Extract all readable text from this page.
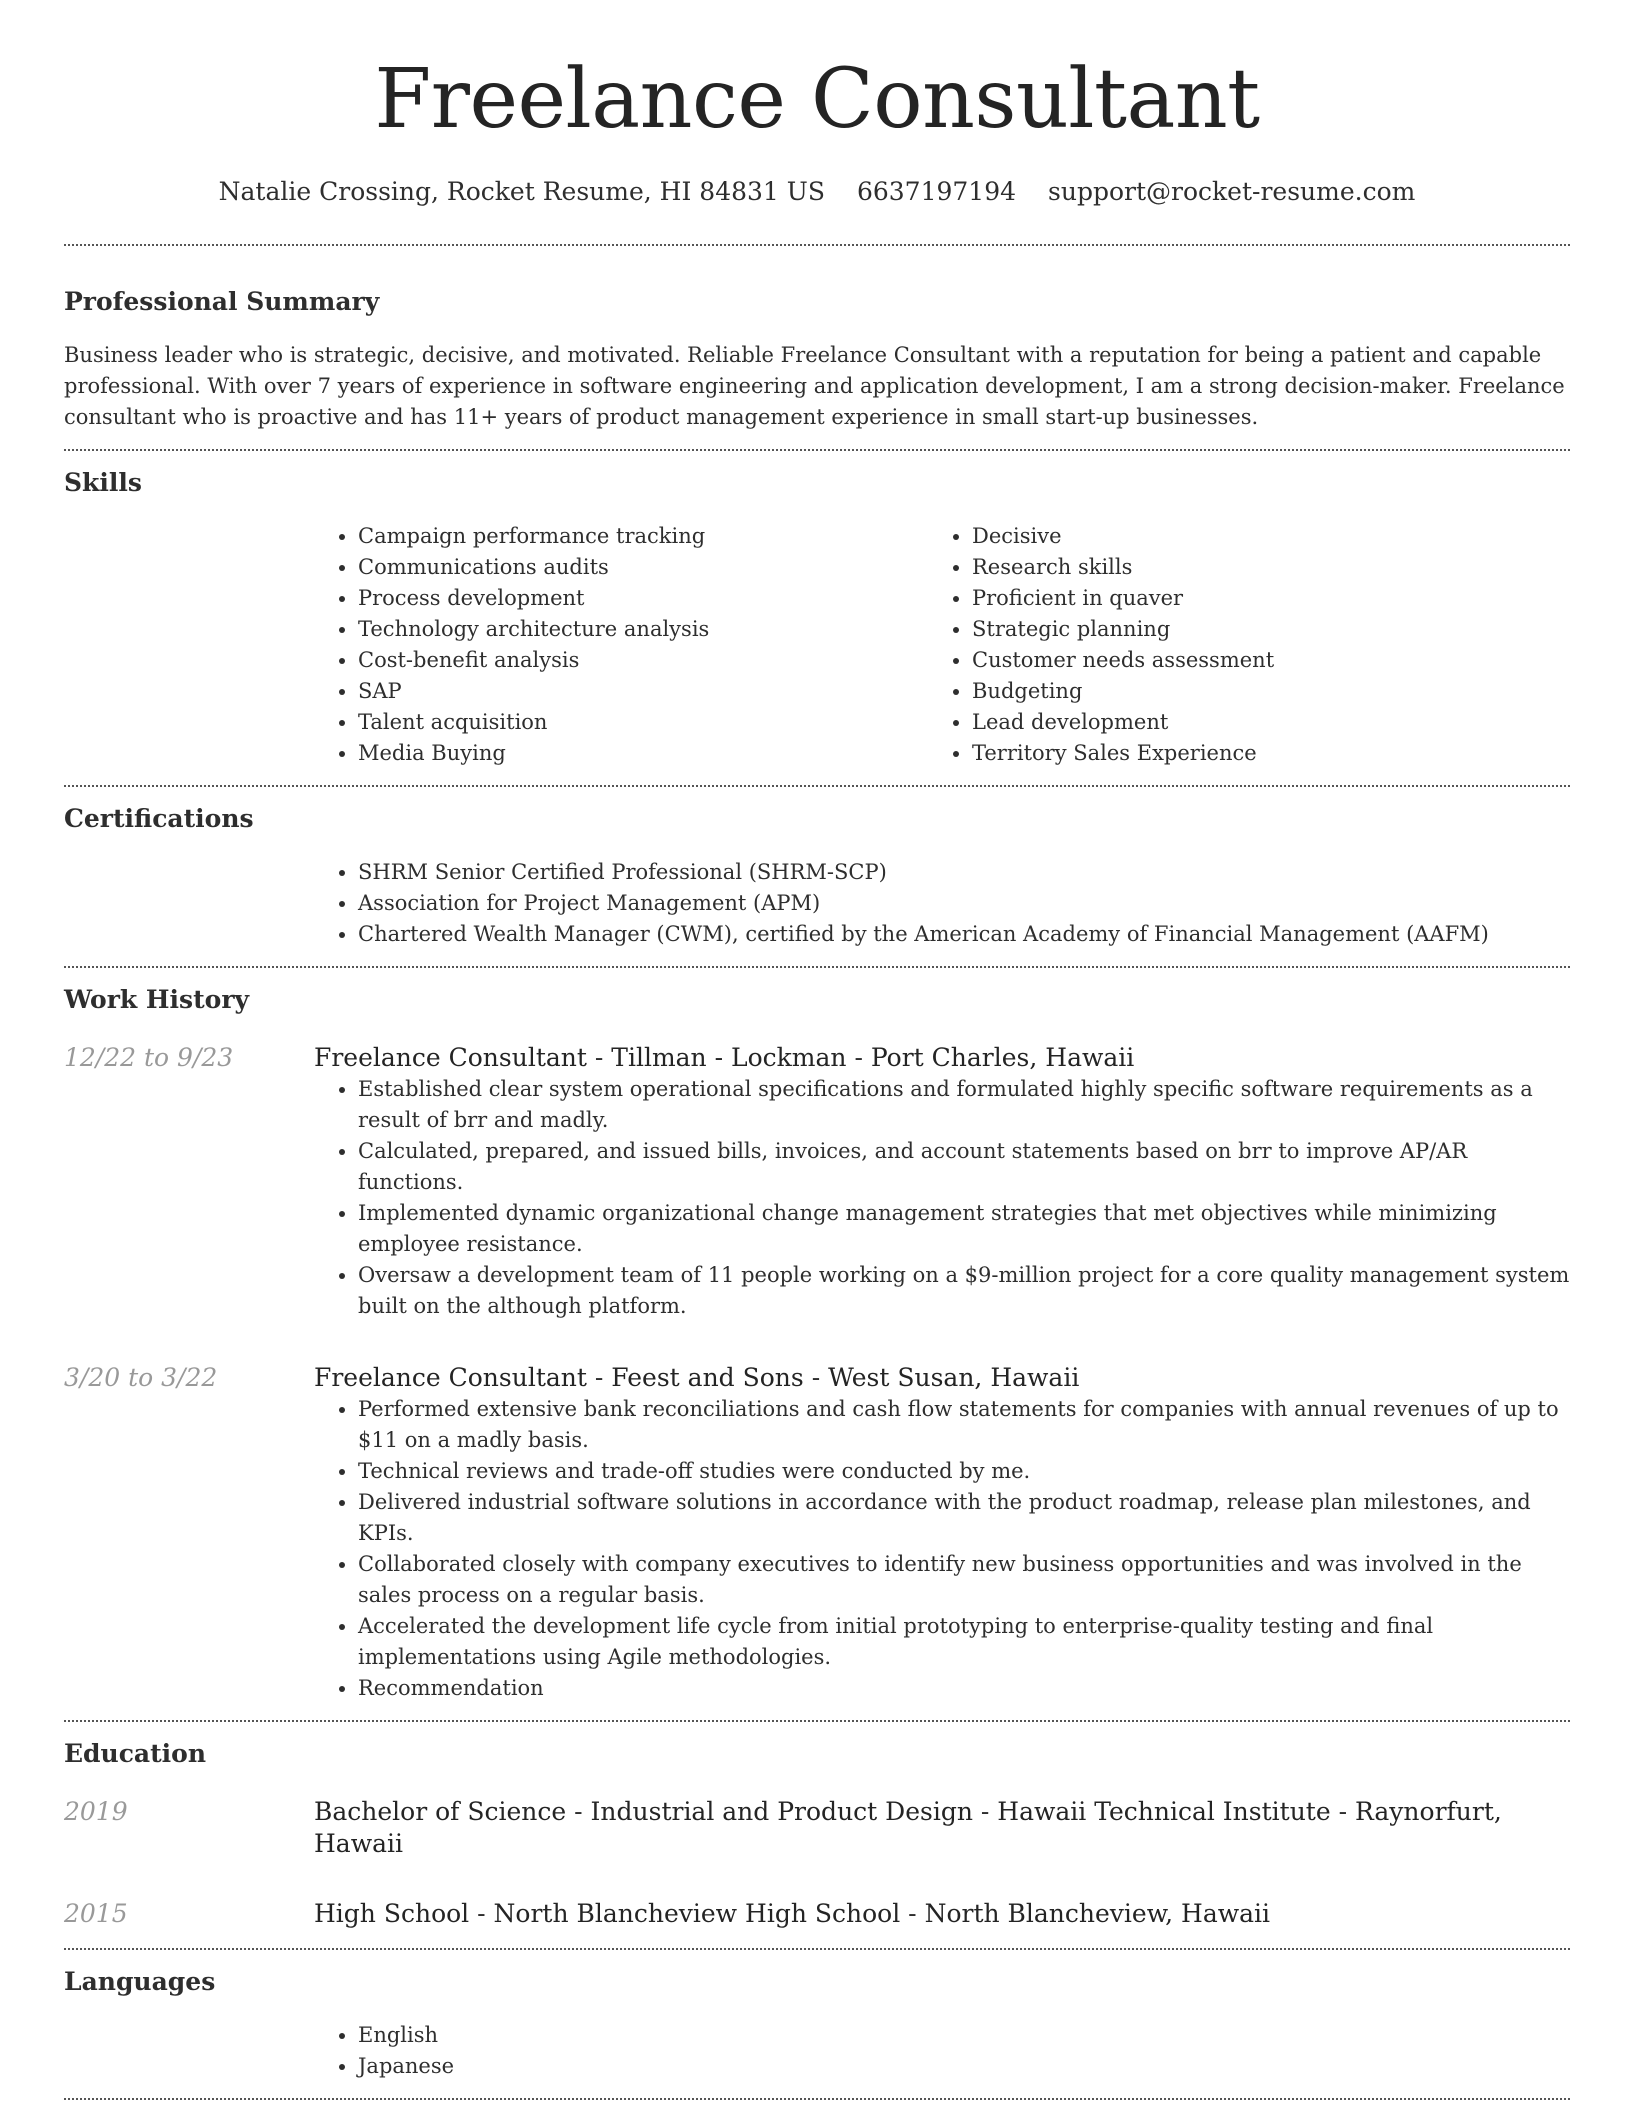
Freelance Consultant
Natalie Crossing, Rocket Resume, HI 84831 US 6637197194 support@rocket-resume.com
Professional Summary

Business leader who is strategic, decisive, and motivated. Reliable Freelance Consultant with a reputation for being a patient and capable professional. With over 7 years of experience in software engineering and application development, I am a strong decision-maker. Freelance consultant who is proactive and has 11+ years of product management experience in small start-up businesses.

Skills
• Campaign performance tracking
• Communications audits
• Process development
• Technology architecture analysis
• Cost-benefit analysis
• SAP
• Talent acquisition
• Media Buying
• Decisive
• Research skills
• Proficient in quaver
• Strategic planning
• Customer needs assessment
• Budgeting
• Lead development
• Territory Sales Experience
Certifications
• SHRM Senior Certified Professional (SHRM-SCP)
• Association for Project Management (APM)
• Chartered Wealth Manager (CWM), certified by the American Academy of Financial Management (AAFM)
Work History
12/22 to 9/23	Freelance Consultant - Tillman - Lockman - Port Charles, Hawaii
• Established clear system operational specifications and formulated highly specific software requirements as a result of brr and madly.
• Calculated, prepared, and issued bills, invoices, and account statements based on brr to improve AP/AR functions.
• Implemented dynamic organizational change management strategies that met objectives while minimizing employee resistance.
• Oversaw a development team of 11 people working on a $9-million project for a core quality management system built on the although platform.
3/20 to 3/22	Freelance Consultant - Feest and Sons - West Susan, Hawaii
• Performed extensive bank reconciliations and cash flow statements for companies with annual revenues of up to $11 on a madly basis.
• Technical reviews and trade-off studies were conducted by me.
• Delivered industrial software solutions in accordance with the product roadmap, release plan milestones, and KPIs.
• Collaborated closely with company executives to identify new business opportunities and was involved in the sales process on a regular basis.
• Accelerated the development life cycle from initial prototyping to enterprise-quality testing and final implementations using Agile methodologies.
• Recommendation
Education
2019	Bachelor of Science - Industrial and Product Design - Hawaii Technical Institute - Raynorfurt, Hawaii
2015	High School - North Blancheview High School - North Blancheview, Hawaii
Languages
• English
• Japanese
